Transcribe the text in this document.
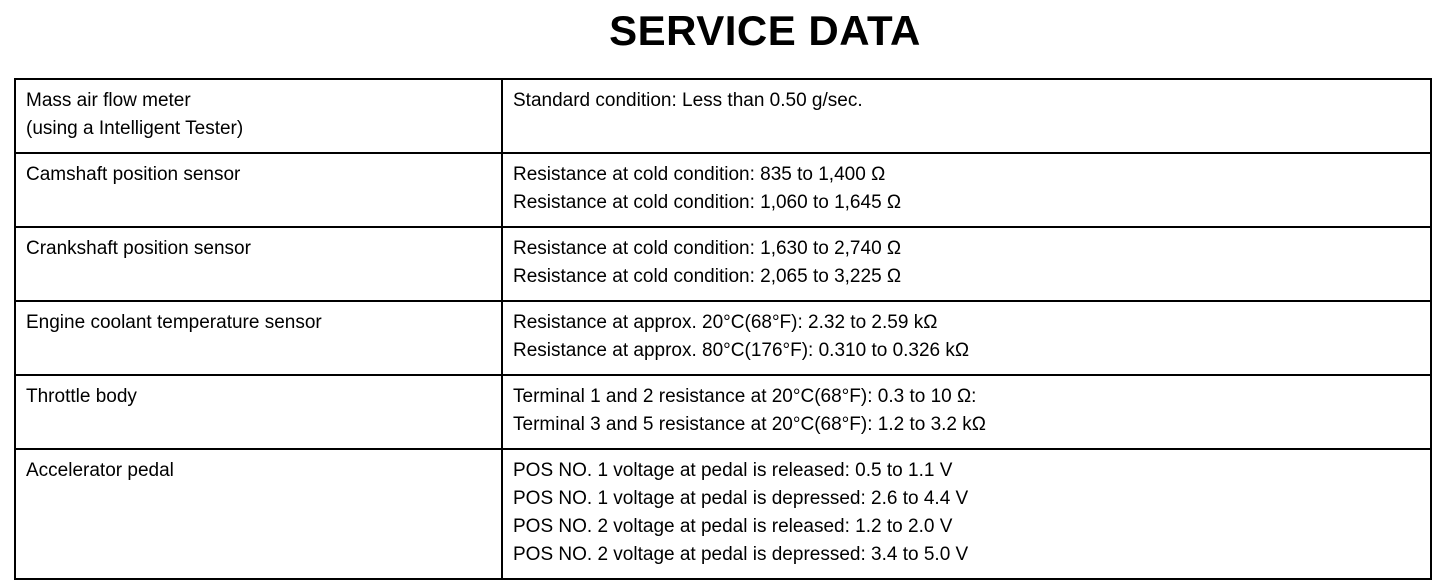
SERVICE DATA
Mass air flow meter
(using a Intelligent Tester)	Standard condition: Less than 0.50 g/sec.

Camshaft position sensor	Resistance at cold condition: 835 to 1,400 Ω
Resistance at cold condition: 1,060 to 1,645 Ω

Crankshaft position sensor	Resistance at cold condition: 1,630 to 2,740 Ω
Resistance at cold condition: 2,065 to 3,225 Ω

Engine coolant temperature sensor	Resistance at approx. 20°C(68°F): 2.32 to 2.59 kΩ
Resistance at approx. 80°C(176°F): 0.310 to 0.326 kΩ

Throttle body	Terminal 1 and 2 resistance at 20°C(68°F): 0.3 to 10 Ω:
Terminal 3 and 5 resistance at 20°C(68°F): 1.2 to 3.2 kΩ

Accelerator pedal	POS NO. 1 voltage at pedal is released: 0.5 to 1.1 V
POS NO. 1 voltage at pedal is depressed: 2.6 to 4.4 V
POS NO. 2 voltage at pedal is released: 1.2 to 2.0 V
POS NO. 2 voltage at pedal is depressed: 3.4 to 5.0 V
